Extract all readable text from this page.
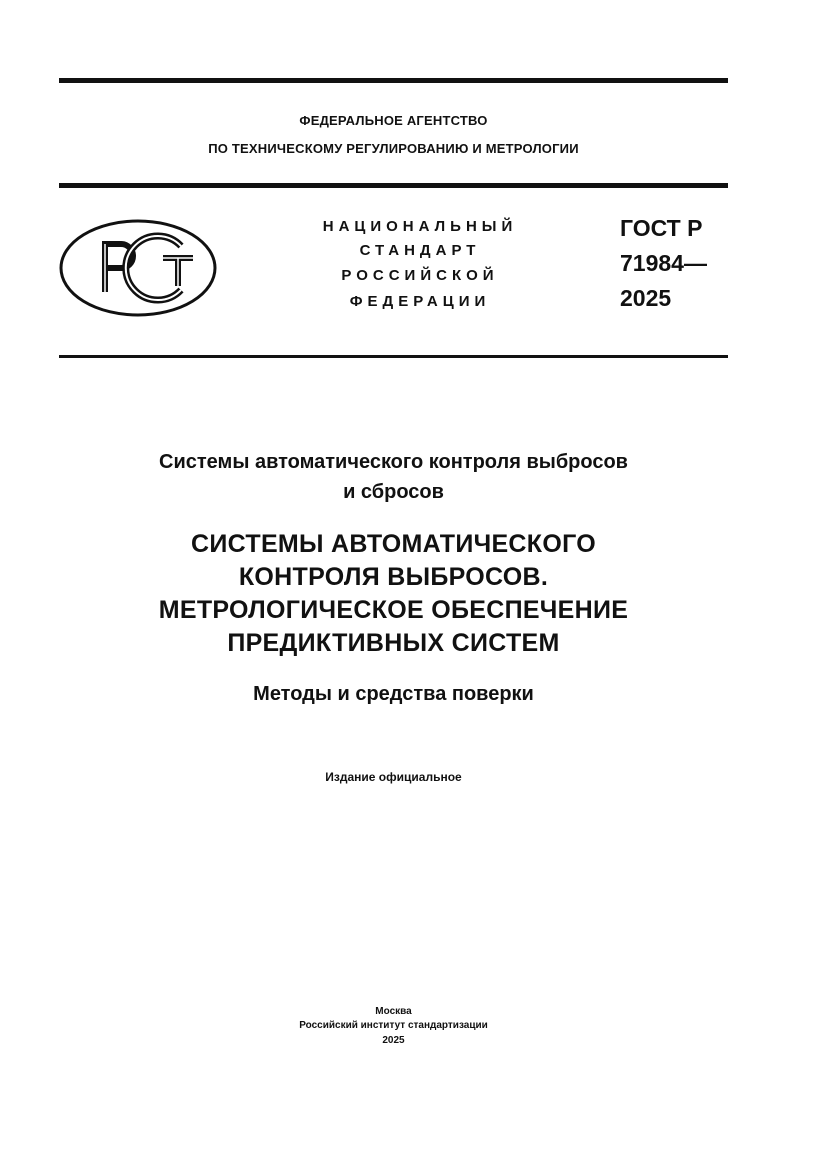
ФЕДЕРАЛЬНОЕ АГЕНТСТВО
ПО ТЕХНИЧЕСКОМУ РЕГУЛИРОВАНИЮ И МЕТРОЛОГИИ
НАЦИОНАЛЬНЫЙ
СТАНДАРТ
РОССИЙСКОЙ
ФЕДЕРАЦИИ
ГОСТ Р
71984—
2025
Системы автоматического контроля выбросов
и сбросов
СИСТЕМЫ АВТОМАТИЧЕСКОГО
КОНТРОЛЯ ВЫБРОСОВ.
МЕТРОЛОГИЧЕСКОЕ ОБЕСПЕЧЕНИЕ
ПРЕДИКТИВНЫХ СИСТЕМ
Методы и средства поверки
Издание официальное
Москва
Российский институт стандартизации
2025
